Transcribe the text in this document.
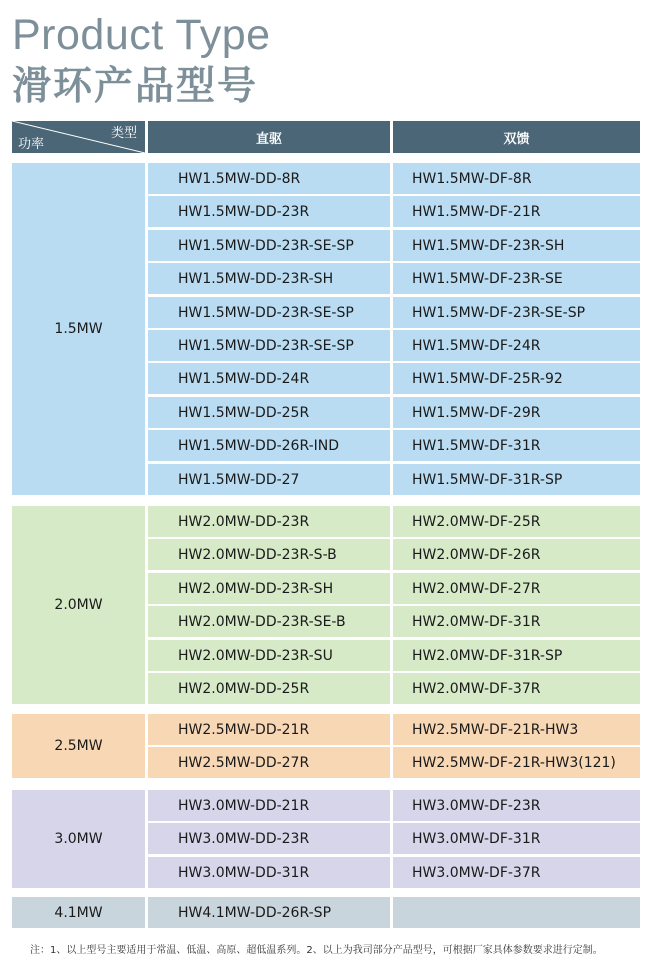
Product Type
滑环产品型号
类型
功率	直驱	双馈
1.5MW
HW1.5MW-DD-8R	HW1.5MW-DF-8R
HW1.5MW-DD-23R	HW1.5MW-DF-21R
HW1.5MW-DD-23R-SE-SP	HW1.5MW-DF-23R-SH
HW1.5MW-DD-23R-SH	HW1.5MW-DF-23R-SE
HW1.5MW-DD-23R-SE-SP	HW1.5MW-DF-23R-SE-SP
HW1.5MW-DD-23R-SE-SP	HW1.5MW-DF-24R
HW1.5MW-DD-24R	HW1.5MW-DF-25R-92
HW1.5MW-DD-25R	HW1.5MW-DF-29R
HW1.5MW-DD-26R-IND	HW1.5MW-DF-31R
HW1.5MW-DD-27	HW1.5MW-DF-31R-SP
2.0MW
HW2.0MW-DD-23R	HW2.0MW-DF-25R
HW2.0MW-DD-23R-S-B	HW2.0MW-DF-26R
HW2.0MW-DD-23R-SH	HW2.0MW-DF-27R
HW2.0MW-DD-23R-SE-B	HW2.0MW-DF-31R
HW2.0MW-DD-23R-SU	HW2.0MW-DF-31R-SP
HW2.0MW-DD-25R	HW2.0MW-DF-37R
2.5MW
HW2.5MW-DD-21R	HW2.5MW-DF-21R-HW3
HW2.5MW-DD-27R	HW2.5MW-DF-21R-HW3(121)
3.0MW
HW3.0MW-DD-21R	HW3.0MW-DF-23R
HW3.0MW-DD-23R	HW3.0MW-DF-31R
HW3.0MW-DD-31R	HW3.0MW-DF-37R
4.1MW	HW4.1MW-DD-26R-SP
注：1、以上型号主要适用于常温、低温、高原、超低温系列。2、以上为我司部分产品型号，可根据厂家具体参数要求进行定制。
